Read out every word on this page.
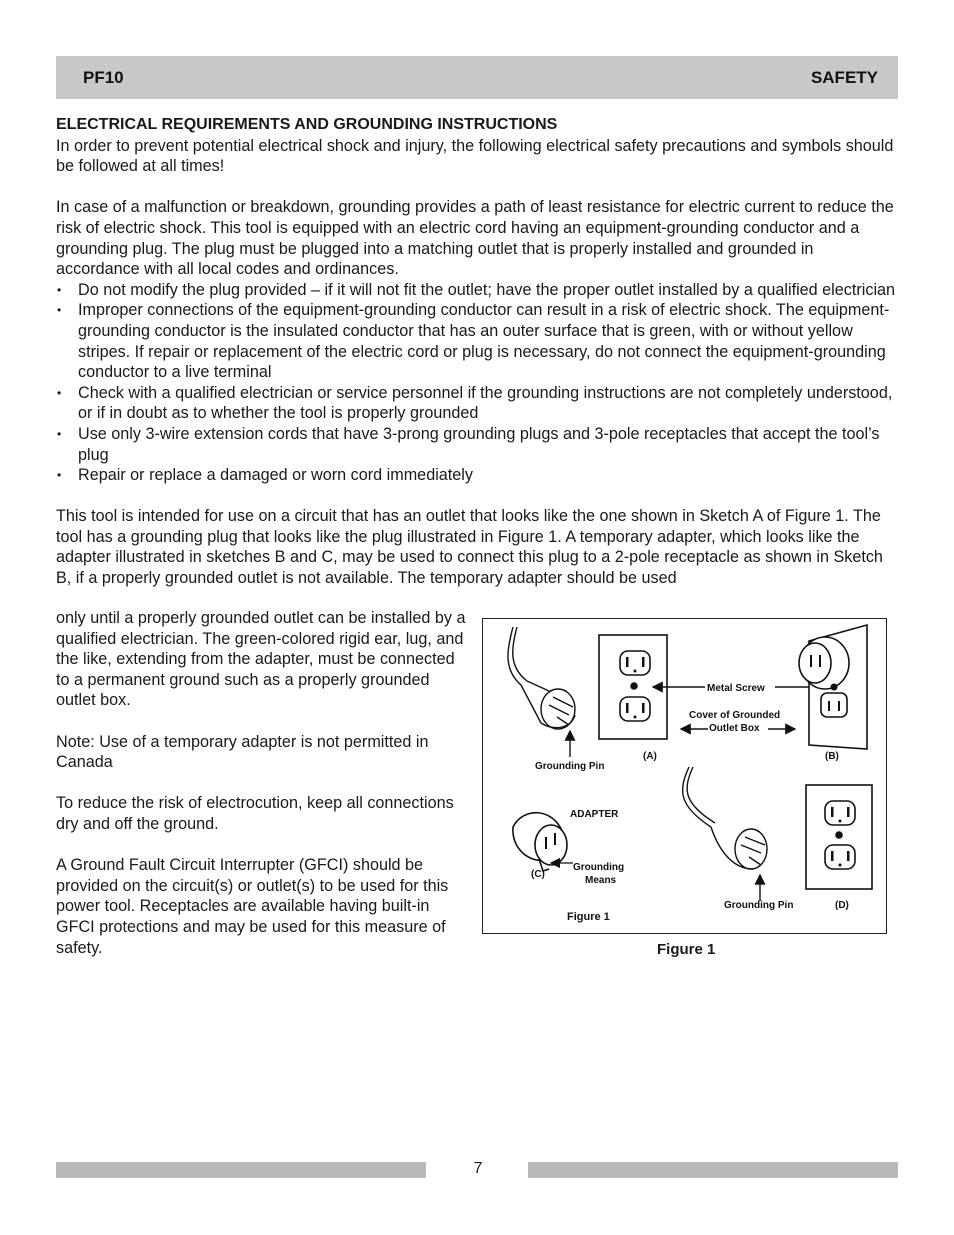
PF10	SAFETY

ELECTRICAL REQUIREMENTS AND GROUNDING INSTRUCTIONS

In order to prevent potential electrical shock and injury, the following electrical safety precautions and symbols should be followed at all times!

In case of a malfunction or breakdown, grounding provides a path of least resistance for electric current to reduce the risk of electric shock. This tool is equipped with an electric cord having an equipment-grounding conductor and a grounding plug. The plug must be plugged into a matching outlet that is properly installed and grounded in accordance with all local codes and ordinances.

• Do not modify the plug provided – if it will not fit the outlet; have the proper outlet installed by a qualified electrician
• Improper connections of the equipment-grounding conductor can result in a risk of electric shock. The equipment-grounding conductor is the insulated conductor that has an outer surface that is green, with or without yellow stripes. If repair or replacement of the electric cord or plug is necessary, do not connect the equipment-grounding conductor to a live terminal
• Check with a qualified electrician or service personnel if the grounding instructions are not completely understood, or if in doubt as to whether the tool is properly grounded
• Use only 3-wire extension cords that have 3-prong grounding plugs and 3-pole receptacles that accept the tool’s plug
• Repair or replace a damaged or worn cord immediately

This tool is intended for use on a circuit that has an outlet that looks like the one shown in Sketch A of Figure 1. The tool has a grounding plug that looks like the plug illustrated in Figure 1. A temporary adapter, which looks like the adapter illustrated in sketches B and C, may be used to connect this plug to a 2-pole receptacle as shown in Sketch B, if a properly grounded outlet is not available. The temporary adapter should be used

only until a properly grounded outlet can be installed by a qualified electrician. The green-colored rigid ear, lug, and the like, extending from the adapter, must be connected to a permanent ground such as a properly grounded outlet box.

Note: Use of a temporary adapter is not permitted in Canada

To reduce the risk of electrocution, keep all connections dry and off the ground.

A Ground Fault Circuit Interrupter (GFCI) should be provided on the circuit(s) or outlet(s) to be used for this power tool. Receptacles are available having built-in GFCI protections and may be used for this measure of safety.

Grounding Pin
(A)
Metal Screw
Cover of Grounded
Outlet Box
(B)
ADAPTER
Grounding
Means
(C)
Figure 1
Grounding Pin	(D)
Figure 1
7
